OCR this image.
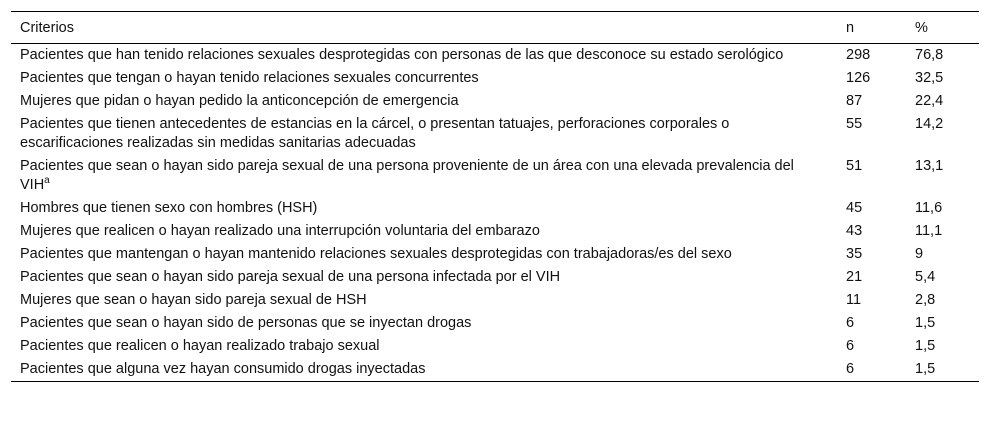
Criterios	n	%
Pacientes que han tenido relaciones sexuales desprotegidas con personas de las que desconoce su estado serológico	298	76,8
Pacientes que tengan o hayan tenido relaciones sexuales concurrentes	126	32,5
Mujeres que pidan o hayan pedido la anticoncepción de emergencia	87	22,4
Pacientes que tienen antecedentes de estancias en la cárcel, o presentan tatuajes, perforaciones corporales o escarificaciones realizadas sin medidas sanitarias adecuadas	55	14,2
Pacientes que sean o hayan sido pareja sexual de una persona proveniente de un área con una elevada prevalencia del VIH$^a$	51	13,1
Hombres que tienen sexo con hombres (HSH)	45	11,6
Mujeres que realicen o hayan realizado una interrupción voluntaria del embarazo	43	11,1
Pacientes que mantengan o hayan mantenido relaciones sexuales desprotegidas con trabajadoras/es del sexo	35	9
Pacientes que sean o hayan sido pareja sexual de una persona infectada por el VIH	21	5,4
Mujeres que sean o hayan sido pareja sexual de HSH	11	2,8
Pacientes que sean o hayan sido de personas que se inyectan drogas	6	1,5
Pacientes que realicen o hayan realizado trabajo sexual	6	1,5
Pacientes que alguna vez hayan consumido drogas inyectadas	6	1,5
